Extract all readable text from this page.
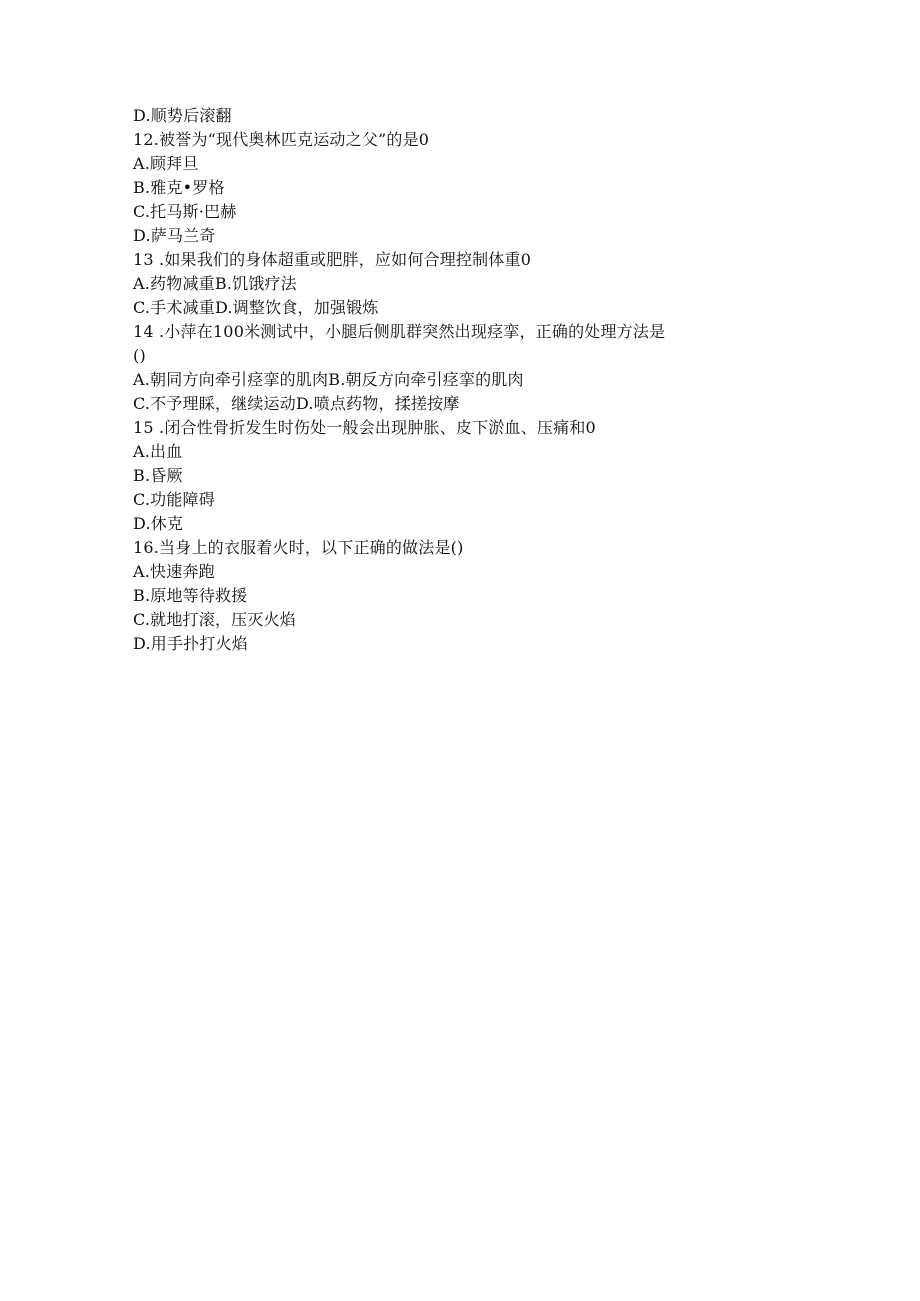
D.顺势后滚翻
12.被誉为“现代奥林匹克运动之父”的是0
A.顾拜旦
B.雅克•罗格
C.托马斯·巴赫
D.萨马兰奇
13 .如果我们的身体超重或肥胖，应如何合理控制体重0
A.药物减重B.饥饿疗法
C.手术减重D.调整饮食，加强锻炼
14 .小萍在100米测试中，小腿后侧肌群突然出现痉挛，正确的处理方法是
()
A.朝同方向牵引痉挛的肌肉B.朝反方向牵引痉挛的肌肉
C.不予理睬，继续运动D.喷点药物，揉搓按摩
15 .闭合性骨折发生时伤处一般会出现肿胀、皮下淤血、压痛和0
A.出血
B.昏厥
C.功能障碍
D.休克
16.当身上的衣服着火时，以下正确的做法是()
A.快速奔跑
B.原地等待救援
C.就地打滚，压灭火焰
D.用手扑打火焰
